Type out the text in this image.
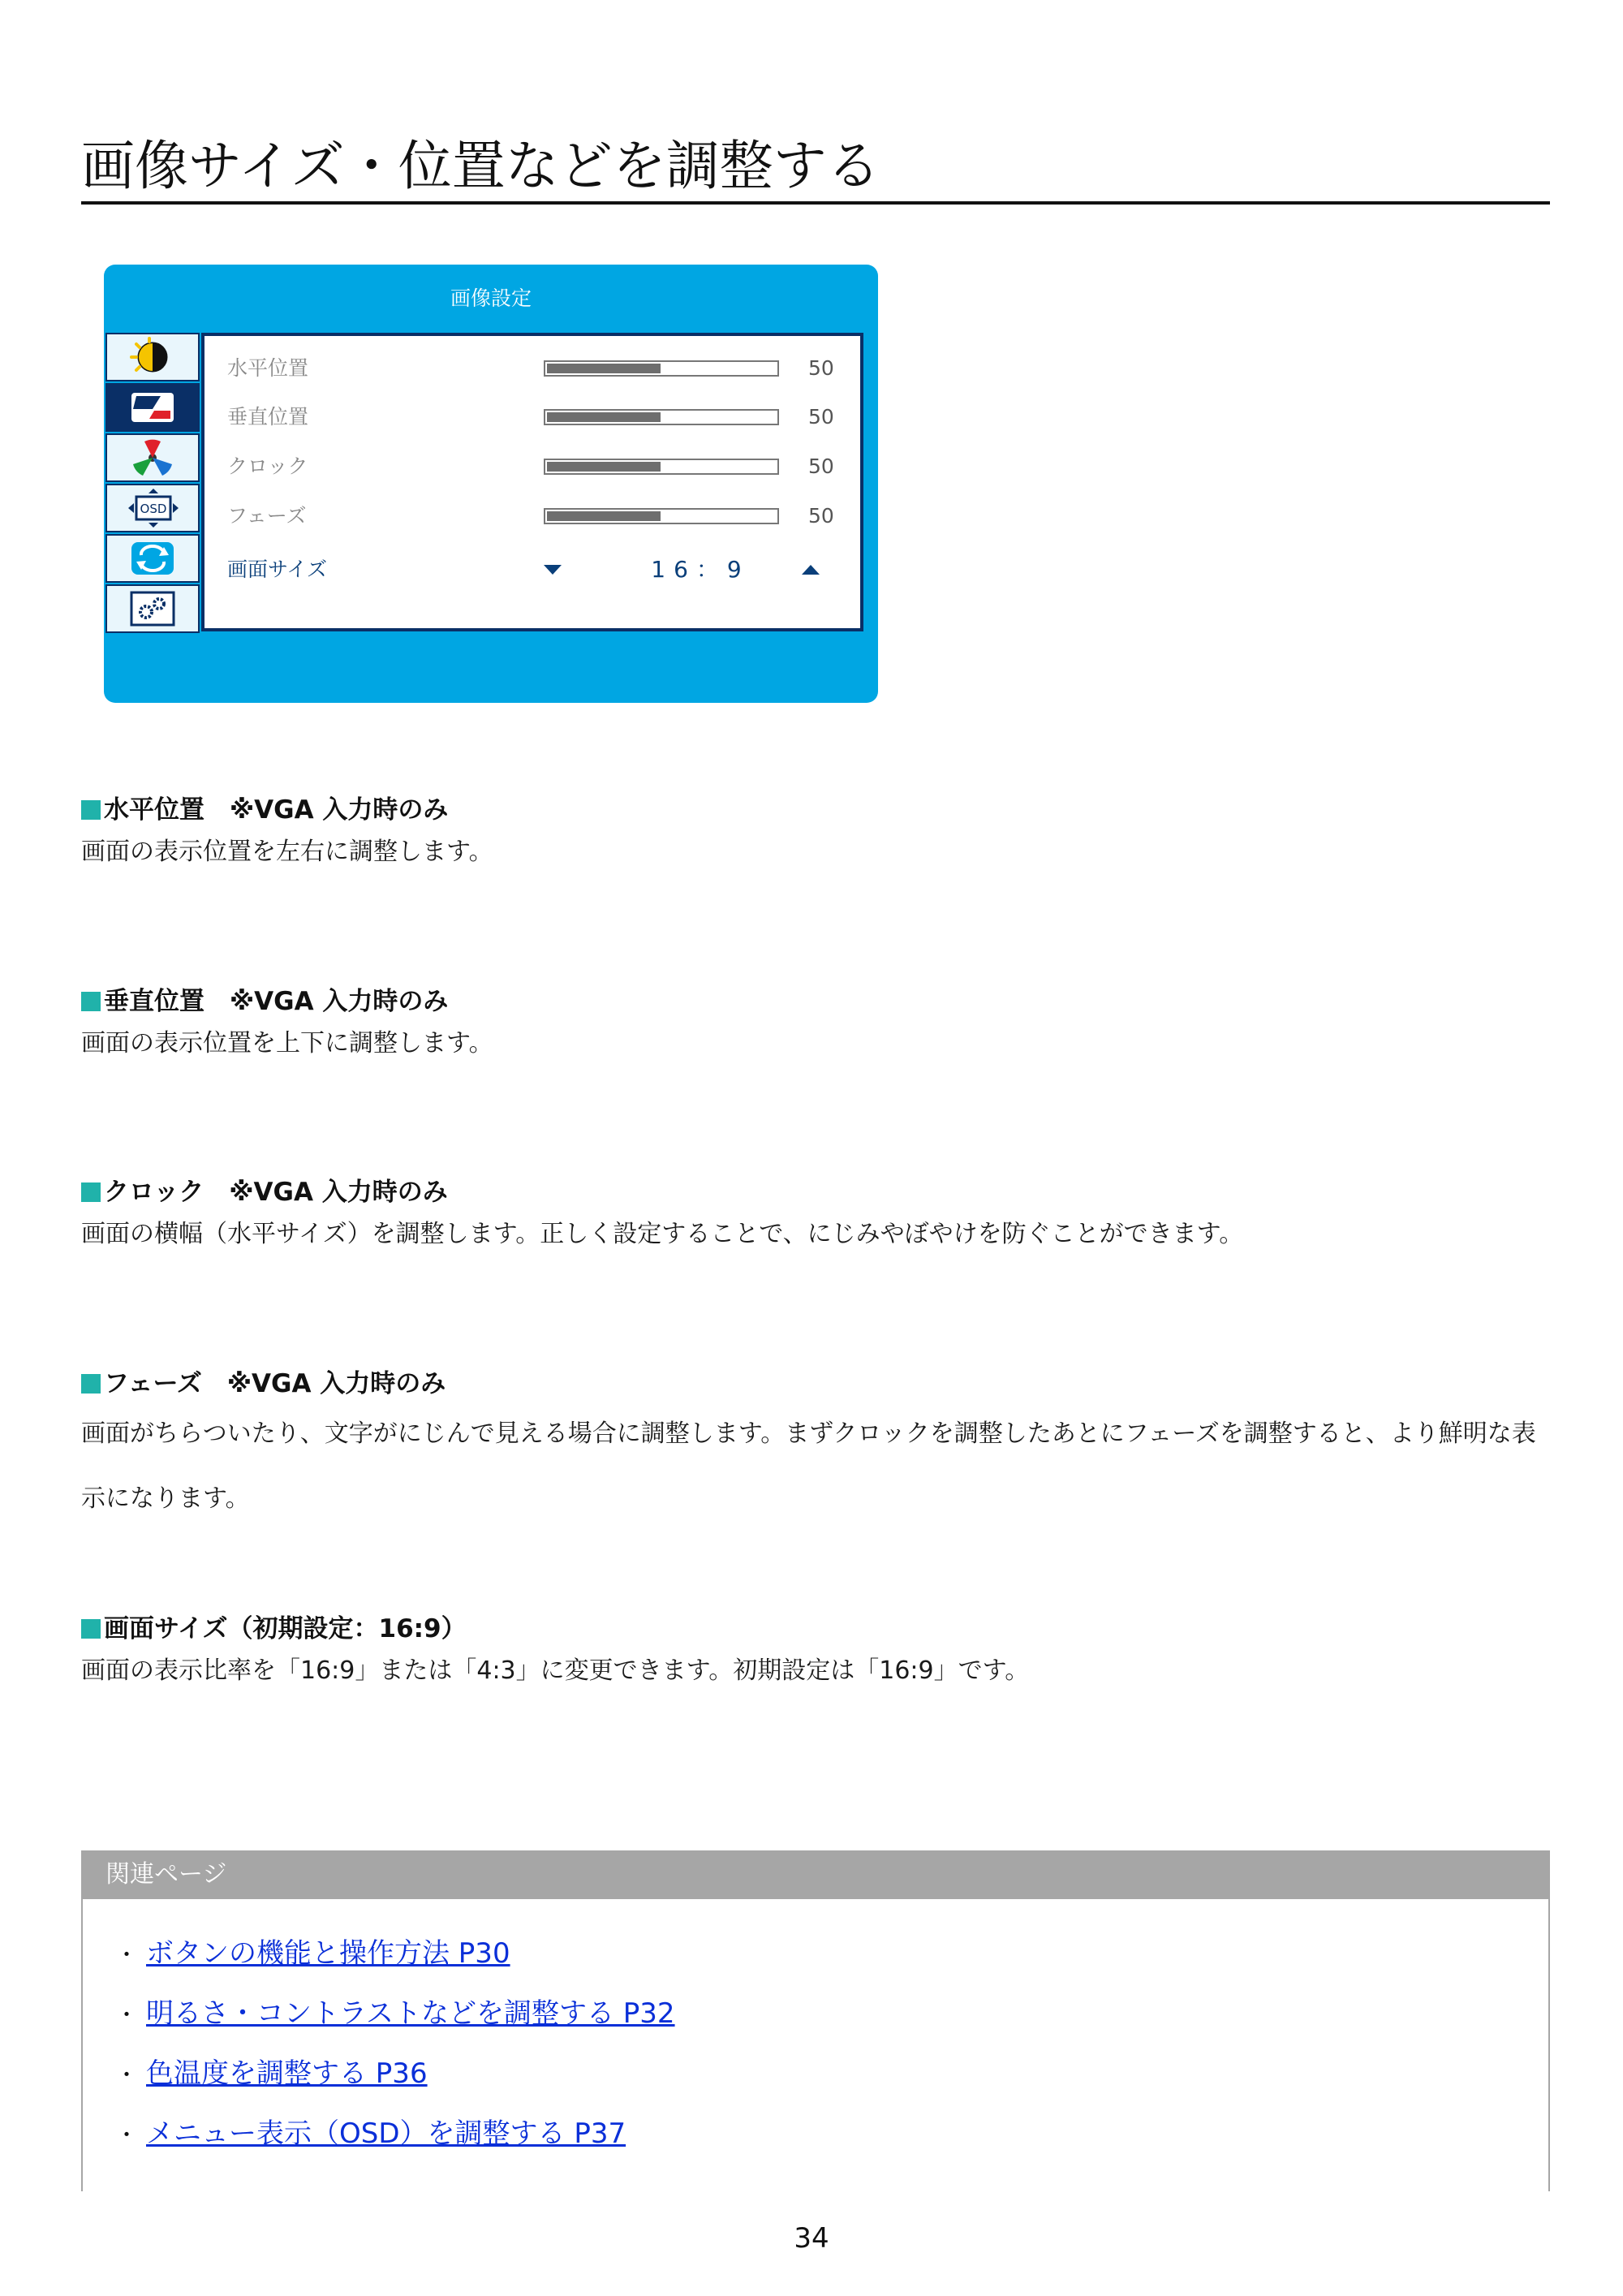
画像サイズ・位置などを調整する
画像設定
OSD
水平位置	50
垂直位置	50
クロック	50
フェーズ	50
画面サイズ	16：9

水平位置　※VGA 入力時のみ

画面の表示位置を左右に調整します。

垂直位置　※VGA 入力時のみ

画面の表示位置を上下に調整します。

クロック　※VGA 入力時のみ

画面の横幅（水平サイズ）を調整します。正しく設定することで、にじみやぼやけを防ぐことができます。

フェーズ　※VGA 入力時のみ

画面がちらついたり、文字がにじんで見える場合に調整します。まずクロックを調整したあとにフェーズを調整すると、より鮮明な表示になります。

画面サイズ（初期設定：16:9）

画面の表示比率を「16:9」または「4:3」に変更できます。初期設定は「16:9」です。

関連ページ
・ ボタンの機能と操作方法 P30
・ 明るさ・コントラストなどを調整する P32
・ 色温度を調整する P36
・ メニュー表示（OSD）を調整する P37
34
